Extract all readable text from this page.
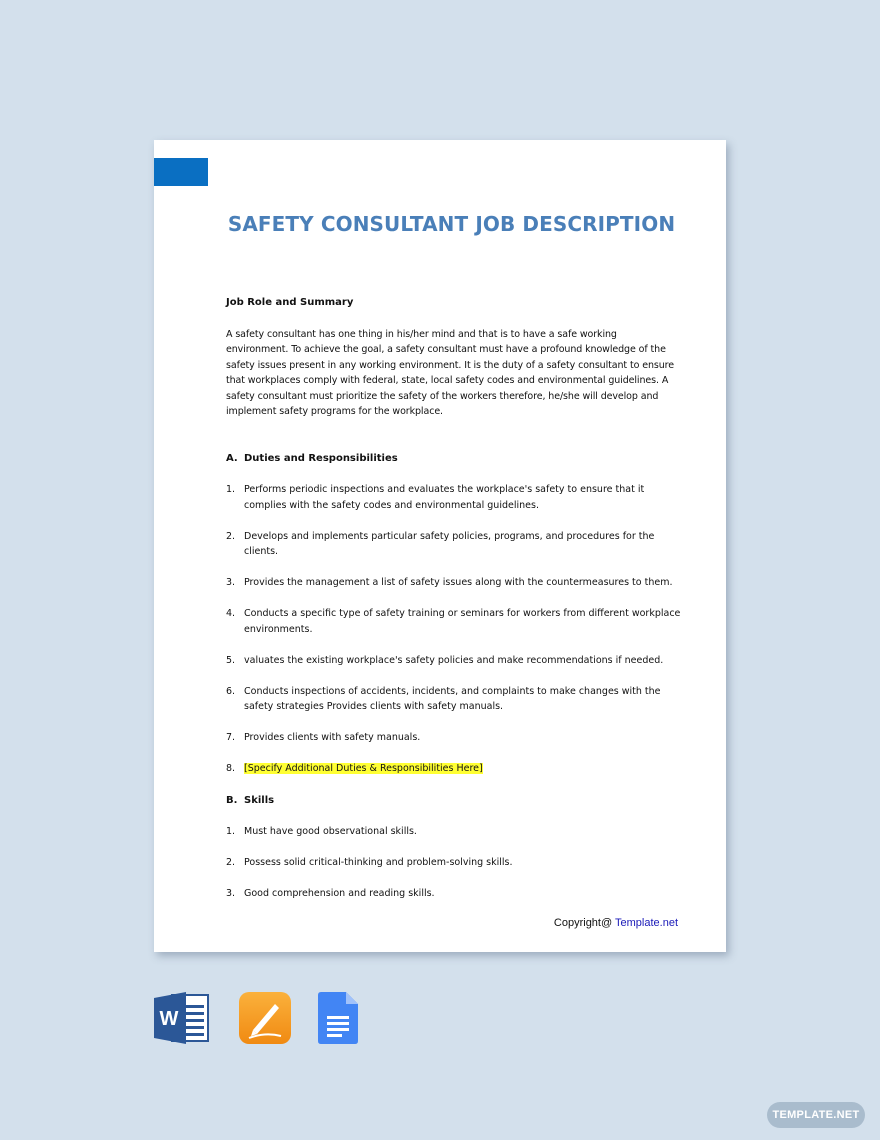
SAFETY CONSULTANT JOB DESCRIPTION

Job Role and Summary

A safety consultant has one thing in his/her mind and that is to have a safe working environment. To achieve the goal, a safety consultant must have a profound knowledge of the safety issues present in any working environment. It is the duty of a safety consultant to ensure that workplaces comply with federal, state, local safety codes and environmental guidelines. A safety consultant must prioritize the safety of the workers therefore, he/she will develop and implement safety programs for the workplace.

A. Duties and Responsibilities

1. Performs periodic inspections and evaluates the workplace's safety to ensure that it complies with the safety codes and environmental guidelines.
2. Develops and implements particular safety policies, programs, and procedures for the clients.
3. Provides the management a list of safety issues along with the countermeasures to them.
4. Conducts a specific type of safety training or seminars for workers from different workplace environments.
5. valuates the existing workplace's safety policies and make recommendations if needed.
6. Conducts inspections of accidents, incidents, and complaints to make changes with the safety strategies Provides clients with safety manuals.
7. Provides clients with safety manuals.
8. [Specify Additional Duties & Responsibilities Here]

B. Skills

1. Must have good observational skills.
2. Possess solid critical-thinking and problem-solving skills.
3. Good comprehension and reading skills.
Copyright@ Template.net
W
TEMPLATE.NET
